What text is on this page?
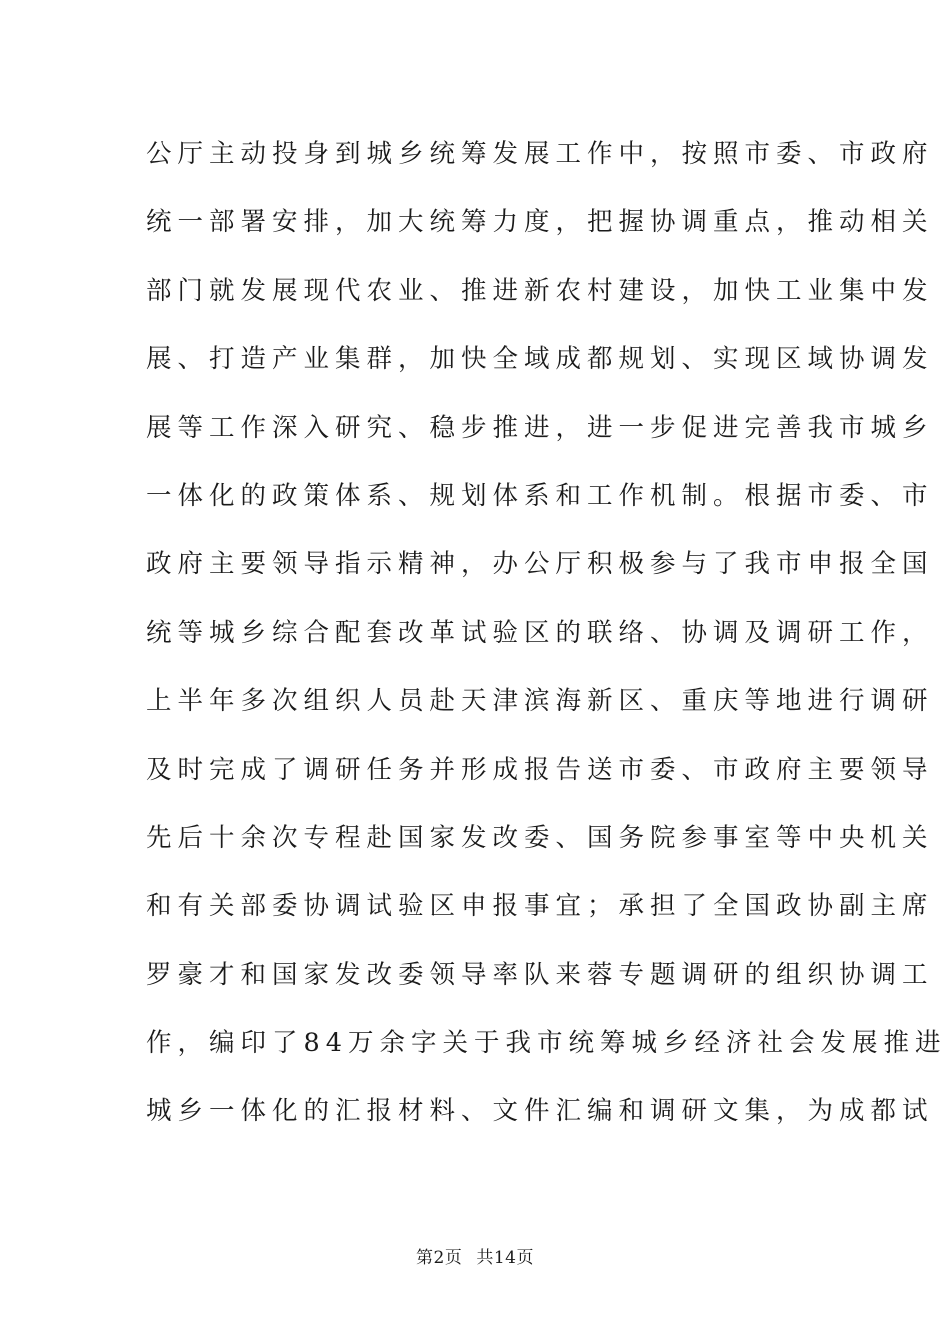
公厅主动投身到城乡统筹发展工作中，按照市委、市政府
统一部署安排，加大统筹力度，把握协调重点，推动相关
部门就发展现代农业、推进新农村建设，加快工业集中发
展、打造产业集群，加快全域成都规划、实现区域协调发
展等工作深入研究、稳步推进，进一步促进完善我市城乡
一体化的政策体系、规划体系和工作机制。根据市委、市
政府主要领导指示精神，办公厅积极参与了我市申报全国
统等城乡综合配套改革试验区的联络、协调及调研工作，
上半年多次组织人员赴天津滨海新区、重庆等地进行调研
及时完成了调研任务并形成报告送市委、市政府主要领导
先后十余次专程赴国家发改委、国务院参事室等中央机关
和有关部委协调试验区申报事宜；承担了全国政协副主席
罗豪才和国家发改委领导率队来蓉专题调研的组织协调工
作，编印了84万余字关于我市统筹城乡经济社会发展推进
城乡一体化的汇报材料、文件汇编和调研文集，为成都试
第2页 共14页
